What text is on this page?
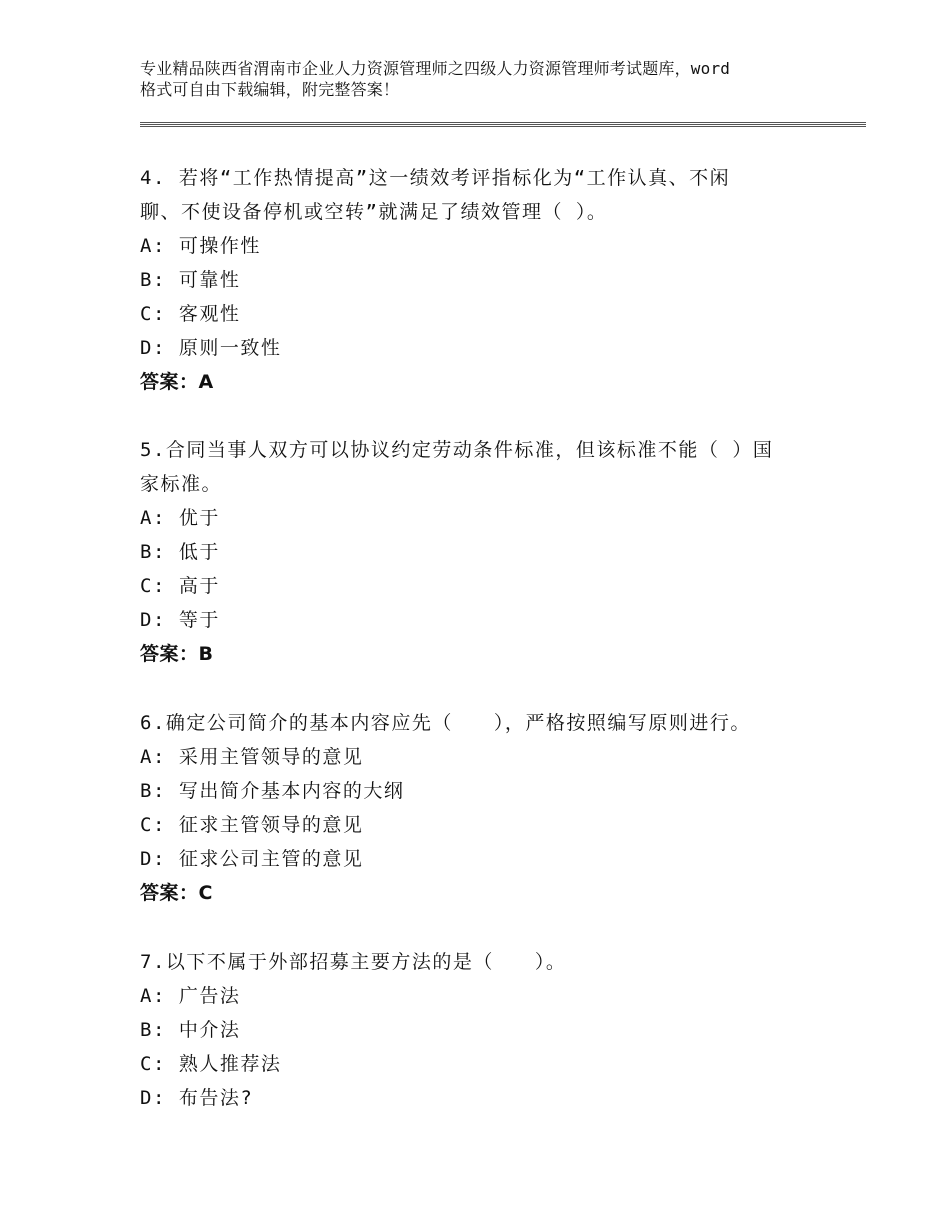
专业精品陕西省渭南市企业人力资源管理师之四级人力资源管理师考试题库，word
格式可自由下载编辑，附完整答案！
4. 若将“工作热情提高”这一绩效考评指标化为“工作认真、不闲
聊、不使设备停机或空转”就满足了绩效管理（ ）。
A: 可操作性
B: 可靠性
C: 客观性
D: 原则一致性
答案：A
5.合同当事人双方可以协议约定劳动条件标准，但该标准不能（ ）国
家标准。
A: 优于
B: 低于
C: 高于
D: 等于
答案：B
6.确定公司简介的基本内容应先（　　），严格按照编写原则进行。
A: 采用主管领导的意见
B: 写出简介基本内容的大纲
C: 征求主管领导的意见
D: 征求公司主管的意见
答案：C
7.以下不属于外部招募主要方法的是（　　）。
A: 广告法
B: 中介法
C: 熟人推荐法
D: 布告法?
